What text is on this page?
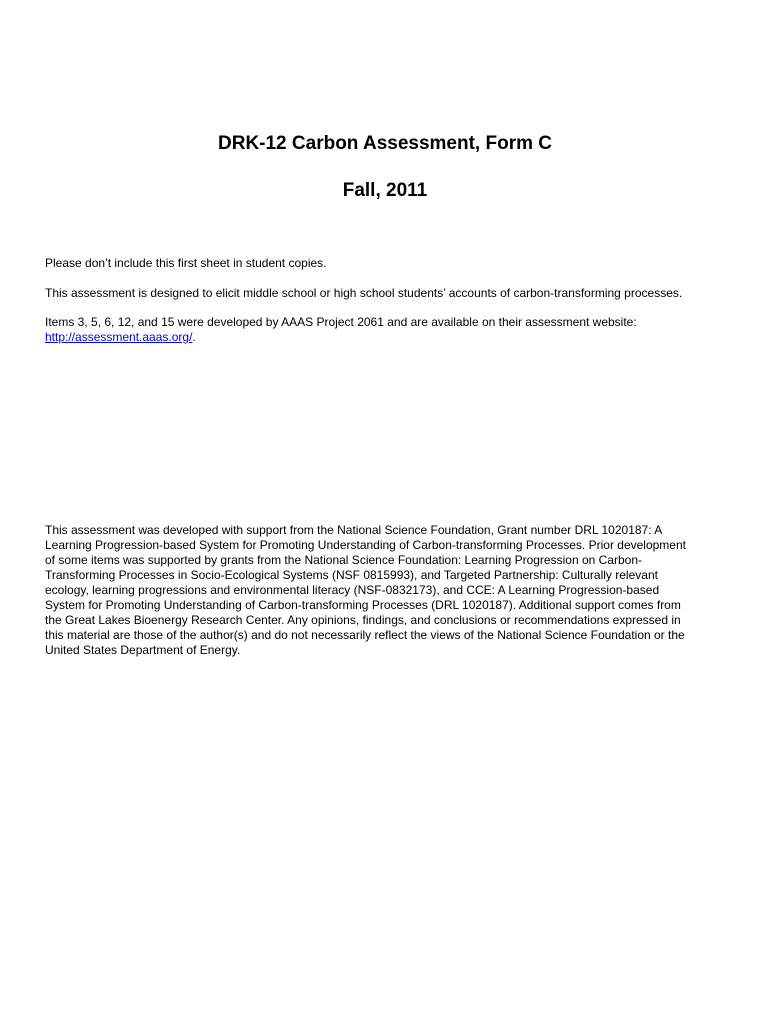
DRK-12 Carbon Assessment, Form C
Fall, 2011

Please don’t include this first sheet in student copies.

This assessment is designed to elicit middle school or high school students’ accounts of carbon-transforming processes.

Items 3, 5, 6, 12, and 15 were developed by AAAS Project 2061 and are available on their assessment website:
http://assessment.aaas.org/.

This assessment was developed with support from the National Science Foundation, Grant number DRL 1020187: A
Learning Progression-based System for Promoting Understanding of Carbon-transforming Processes. Prior development
of some items was supported by grants from the National Science Foundation: Learning Progression on Carbon-
Transforming Processes in Socio-Ecological Systems (NSF 0815993), and Targeted Partnership: Culturally relevant
ecology, learning progressions and environmental literacy (NSF-0832173), and CCE: A Learning Progression-based
System for Promoting Understanding of Carbon-transforming Processes (DRL 1020187). Additional support comes from
the Great Lakes Bioenergy Research Center. Any opinions, findings, and conclusions or recommendations expressed in
this material are those of the author(s) and do not necessarily reflect the views of the National Science Foundation or the
United States Department of Energy.
